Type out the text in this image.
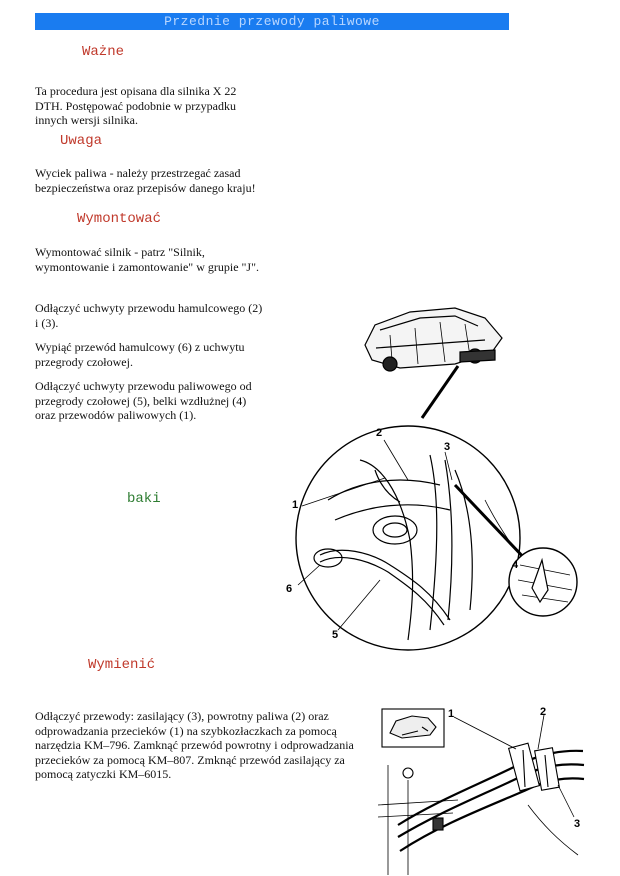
Przednie przewody paliwowe
Ważne
Ta procedura jest opisana dla silnika X 22 DTH. Postępować podobnie w przypadku innych wersji silnika.
Uwaga
Wyciek paliwa - należy przestrzegać zasad bezpieczeństwa oraz przepisów danego kraju!
Wymontować
Wymontować silnik - patrz "Silnik, wymontowanie i zamontowanie" w grupie "J".
Odłączyć uchwyty przewodu hamulcowego (2) i (3).
Wypiąć przewód hamulcowy (6) z uchwytu przegrody czołowej.
Odłączyć uchwyty przewodu paliwowego od przegrody czołowej (5), belki wzdłużnej (4) oraz przewodów paliwowych (1).
baki
Wymienić
Odłączyć przewody: zasilający (3), powrotny paliwa (2) oraz odprowadzania przecieków (1) na szybkozłaczkach za pomocą narzędzia KM–796. Zamknąć przewód powrotny i odprowadzania przecieków za pomocą KM–807. Zmknąć przewód zasilający za pomocą zatyczki KM–6015.
1
2
3
4
5
6
1	2
3
